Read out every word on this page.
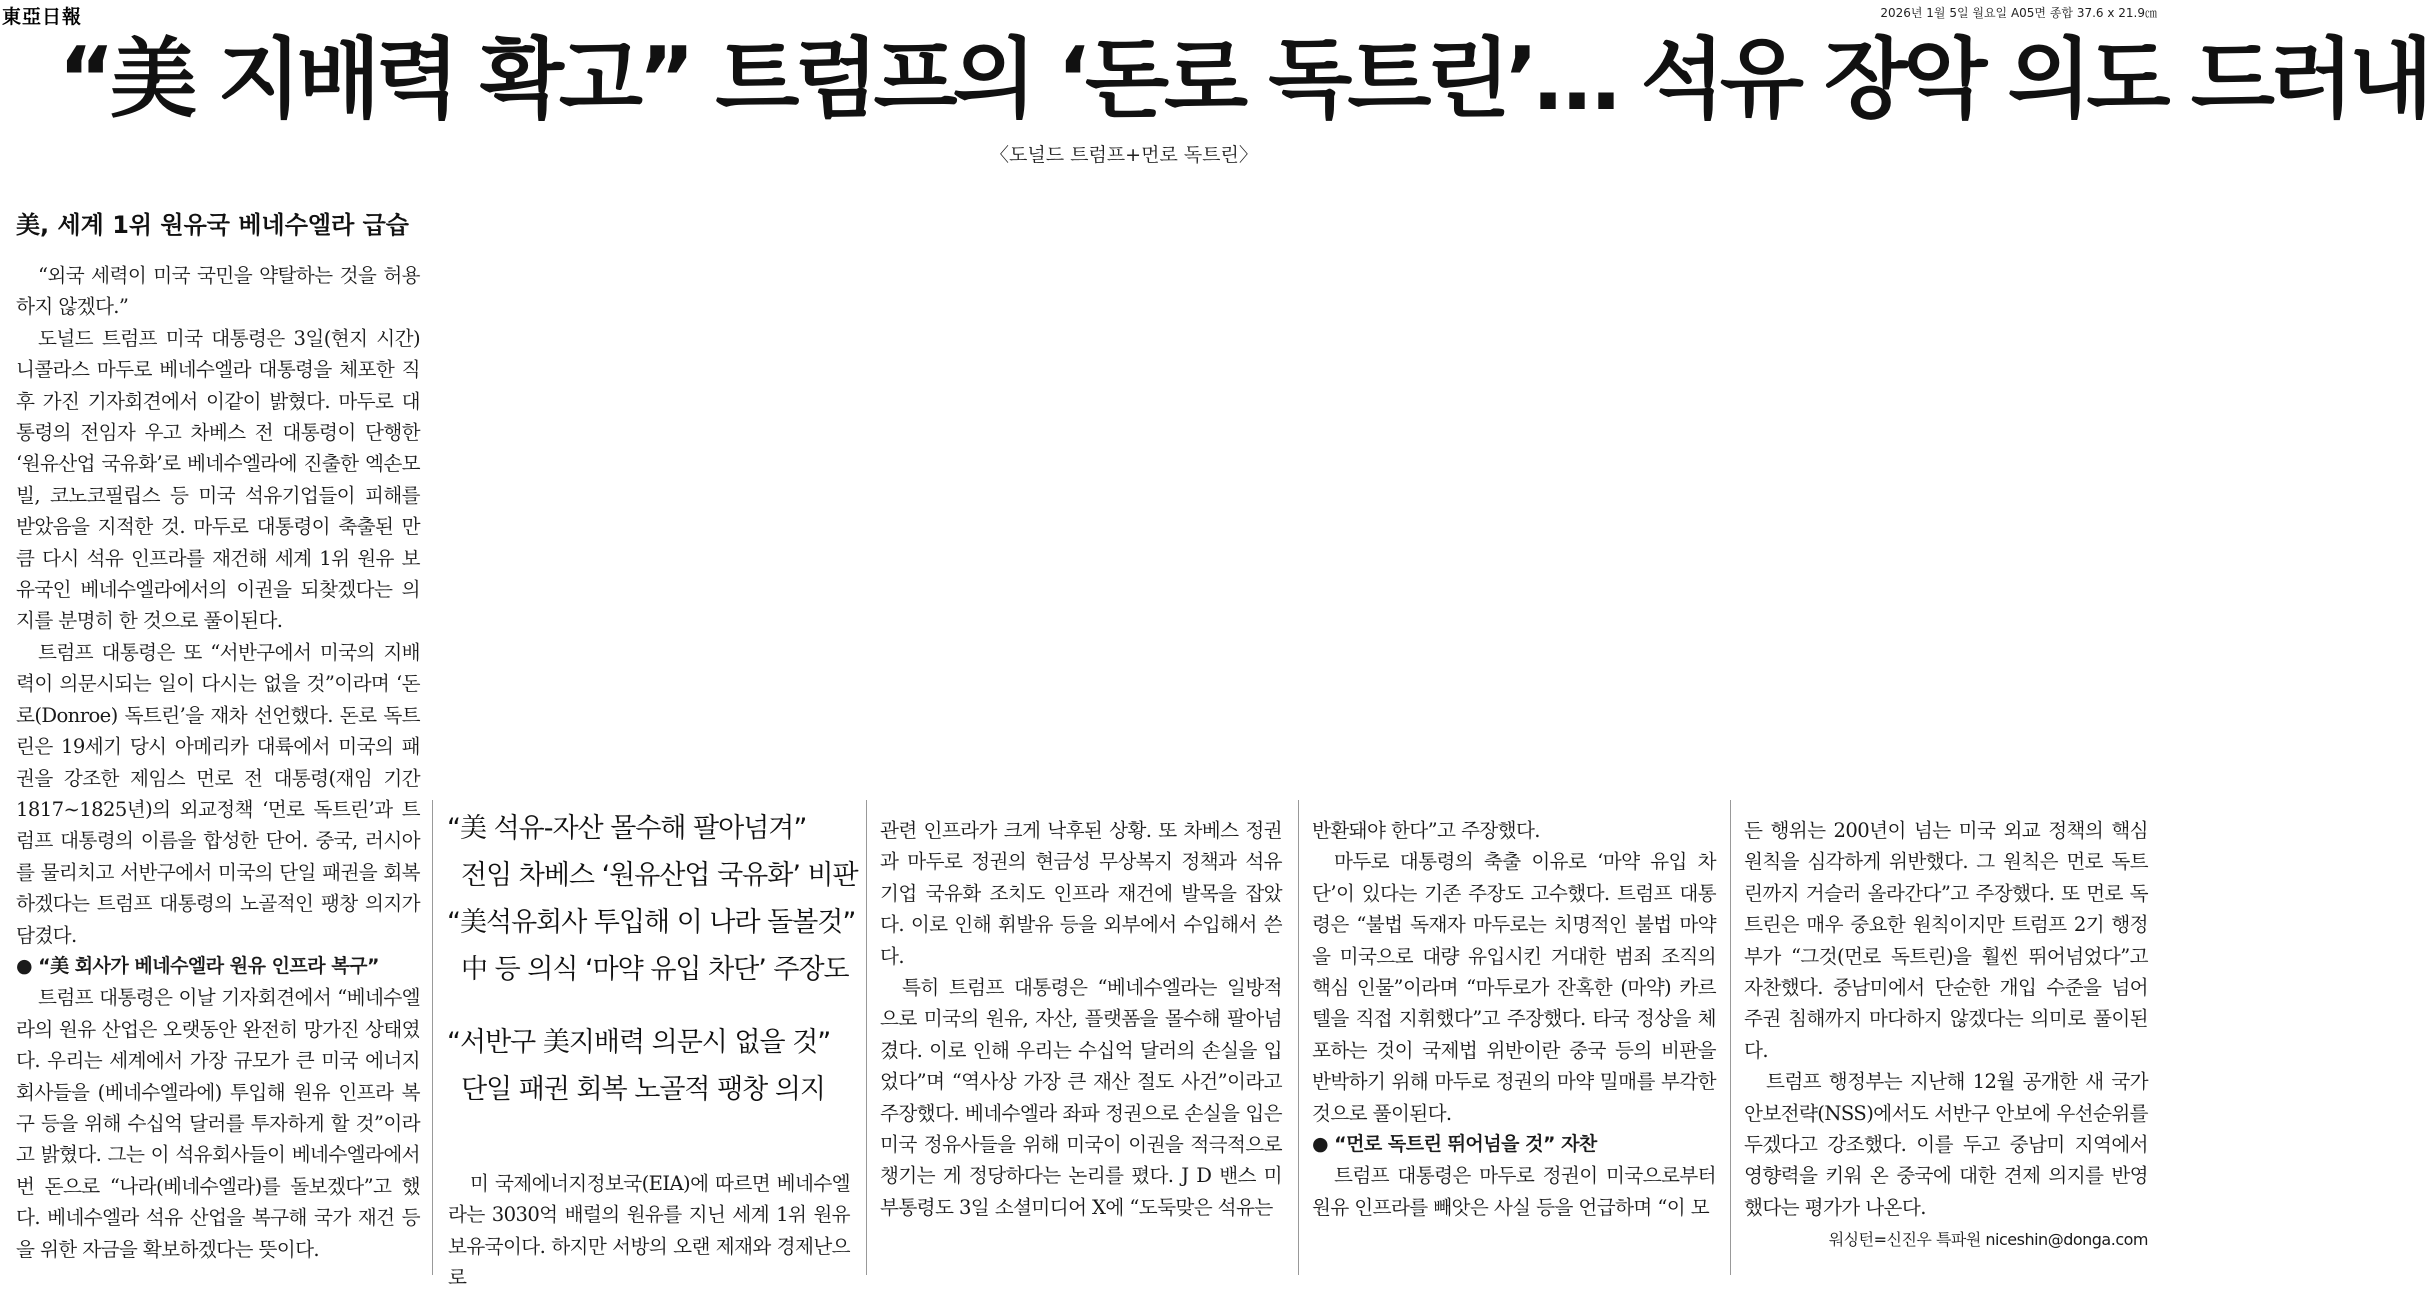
東亞日報	2026년 1월 5일 월요일 A05면 종합 37.6 x 21.9㎝
“美 지배력 확고” 트럼프의 ‘돈로 독트린’… 석유 장악 의도 드러내
〈도널드 트럼프+먼로 독트린〉
美, 세계 1위 원유국 베네수엘라 급습

“외국 세력이 미국 국민을 약탈하는 것을 허용하지 않겠다.”

도널드 트럼프 미국 대통령은 3일(현지 시간) 니콜라스 마두로 베네수엘라 대통령을 체포한 직후 가진 기자회견에서 이같이 밝혔다. 마두로 대통령의 전임자 우고 차베스 전 대통령이 단행한 ‘원유산업 국유화’로 베네수엘라에 진출한 엑손모빌, 코노코필립스 등 미국 석유기업들이 피해를 받았음을 지적한 것. 마두로 대통령이 축출된 만큼 다시 석유 인프라를 재건해 세계 1위 원유 보유국인 베네수엘라에서의 이권을 되찾겠다는 의지를 분명히 한 것으로 풀이된다.

트럼프 대통령은 또 “서반구에서 미국의 지배력이 의문시되는 일이 다시는 없을 것”이라며 ‘돈로(Donroe) 독트린’을 재차 선언했다. 돈로 독트린은 19세기 당시 아메리카 대륙에서 미국의 패권을 강조한 제임스 먼로 전 대통령(재임 기간 1817∼1825년)의 외교정책 ‘먼로 독트린’과 트럼프 대통령의 이름을 합성한 단어. 중국, 러시아를 물리치고 서반구에서 미국의 단일 패권을 회복하겠다는 트럼프 대통령의 노골적인 팽창 의지가 담겼다.

● “美 회사가 베네수엘라 원유 인프라 복구”

트럼프 대통령은 이날 기자회견에서 “베네수엘라의 원유 산업은 오랫동안 완전히 망가진 상태였다. 우리는 세계에서 가장 규모가 큰 미국 에너지 회사들을 (베네수엘라에) 투입해 원유 인프라 복구 등을 위해 수십억 달러를 투자하게 할 것”이라고 밝혔다. 그는 이 석유회사들이 베네수엘라에서 번 돈으로 “나라(베네수엘라)를 돌보겠다”고 했다. 베네수엘라 석유 산업을 복구해 국가 재건 등을 위한 자금을 확보하겠다는 뜻이다.

“美 석유-자산 몰수해 팔아넘겨”
전임 차베스 ‘원유산업 국유화’ 비판
“美석유회사 투입해 이 나라 돌볼것”
中 등 의식 ‘마약 유입 차단’ 주장도
“서반구 美지배력 의문시 없을 것”
단일 패권 회복 노골적 팽창 의지

미 국제에너지정보국(EIA)에 따르면 베네수엘라는 3030억 배럴의 원유를 지닌 세계 1위 원유 보유국이다. 하지만 서방의 오랜 제재와 경제난으로

관련 인프라가 크게 낙후된 상황. 또 차베스 정권과 마두로 정권의 현금성 무상복지 정책과 석유 기업 국유화 조치도 인프라 재건에 발목을 잡았다. 이로 인해 휘발유 등을 외부에서 수입해서 쓴다.

특히 트럼프 대통령은 “베네수엘라는 일방적으로 미국의 원유, 자산, 플랫폼을 몰수해 팔아넘겼다. 이로 인해 우리는 수십억 달러의 손실을 입었다”며 “역사상 가장 큰 재산 절도 사건”이라고 주장했다. 베네수엘라 좌파 정권으로 손실을 입은 미국 정유사들을 위해 미국이 이권을 적극적으로 챙기는 게 정당하다는 논리를 폈다. J D 밴스 미 부통령도 3일 소셜미디어 X에 “도둑맞은 석유는

반환돼야 한다”고 주장했다.

마두로 대통령의 축출 이유로 ‘마약 유입 차단’이 있다는 기존 주장도 고수했다. 트럼프 대통령은 “불법 독재자 마두로는 치명적인 불법 마약을 미국으로 대량 유입시킨 거대한 범죄 조직의 핵심 인물”이라며 “마두로가 잔혹한 (마약) 카르텔을 직접 지휘했다”고 주장했다. 타국 정상을 체포하는 것이 국제법 위반이란 중국 등의 비판을 반박하기 위해 마두로 정권의 마약 밀매를 부각한 것으로 풀이된다.

● “먼로 독트린 뛰어넘을 것” 자찬

트럼프 대통령은 마두로 정권이 미국으로부터 원유 인프라를 빼앗은 사실 등을 언급하며 “이 모

든 행위는 200년이 넘는 미국 외교 정책의 핵심 원칙을 심각하게 위반했다. 그 원칙은 먼로 독트린까지 거슬러 올라간다”고 주장했다. 또 먼로 독트린은 매우 중요한 원칙이지만 트럼프 2기 행정부가 “그것(먼로 독트린)을 훨씬 뛰어넘었다”고 자찬했다. 중남미에서 단순한 개입 수준을 넘어 주권 침해까지 마다하지 않겠다는 의미로 풀이된다.

트럼프 행정부는 지난해 12월 공개한 새 국가안보전략(NSS)에서도 서반구 안보에 우선순위를 두겠다고 강조했다. 이를 두고 중남미 지역에서 영향력을 키워 온 중국에 대한 견제 의지를 반영했다는 평가가 나온다.

워싱턴=신진우 특파원 niceshin@donga.com
